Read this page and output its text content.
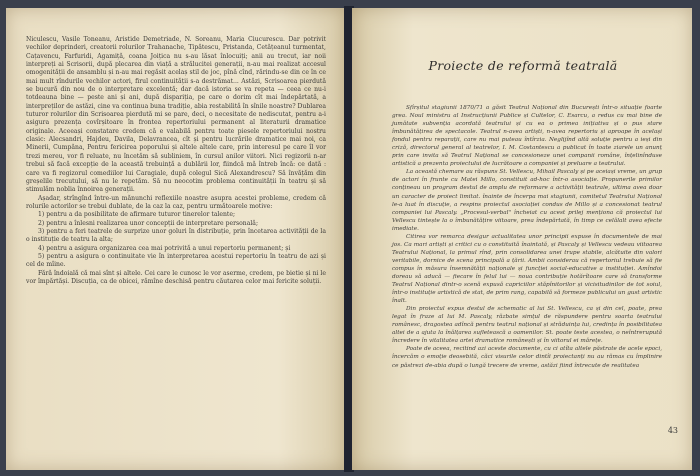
Niculescu, Vasile Toneanu, Aristide Demetriade, N. Soreanu, Maria Ciucurescu. Dar potrivit vechilor deprinderi, creatorii rolurilor Trahanache, Tipătescu, Pristanda, Cetățeanul turmentat, Cațavencu, Farfuridi, Agamiță, coana Joițica nu s-au lăsat înlocuiți; anii au trecut, iar noii interpreți ai Scrisorii, după plecarea din viață a strălucitei generații, n-au mai realizat accesul omogenității de ansamblu și n-au mai regăsit acelaș stil de joc, pînă cînd, rărindu-se din ce în ce mai mult rîndurile vechilor actori, firul continuității s-a destrămat... Astăzi, Scrisoarea pierdută se bucură din nou de o interpretare excelentă; dar dacă istoria se va repeta — ceea ce nu-i totdeauna bine — peste ani și ani, după dispariția, pe care o dorim cît mai îndepărtată, a interpreților de astăzi, cine va continua buna tradiție, abia restabilită în sînile noastre? Dublarea tuturor rolurilor din Scrisoarea pierdută mi se pare, deci, o necesitate de nediscutat, pentru a-i asigura prezența covîrșitoare în frontea repertoriului permanent al literaturii dramatice originale. Aceeași constatare credem că e valabilă pentru toate piesele repertoriului nostru clasic: Alecsandri, Hajdeu, Davila, Delavrancea, cît și pentru lucrările dramatice mai noi, ca Minerii, Cumpăna, Pentru fericirea poporului și altele altele care, prin interesul pe care îl vor trezi mereu, vor fi reluate, nu încetăm să subliniem, în cursul anilor viitori. Nici regizorii n-ar trebui să facă excepție de la această trebuință a dublării lor, fiindcă mă întreb încă: ce dată : care va fi regizorul comediilor lui Caragiale, după colegul Sică Alexandrescu? Să învățăm din greșelile trecutului, să nu le repetăm. Să nu neocotim problema continuității în teatru și să stimulăm noblia înnoirea generații.

Așadar, strîngînd între-un mănunchi reflexiile noastre asupra acestei probleme, credem că rolurile actorilor se trebui dublate, de la caz la caz, pentru următoarele motive:

1) pentru a da posibilitate de afirmare tuturor tinerelor talente;

2) pentru a înlesni realizarea unor concepții de interpretare personală;

3) pentru a feri teatrele de surprize unor goluri în distribuție, prin încetarea activității de la o instituție de teatru la alta;

4) pentru a asigura organizarea cea mai potrivită a unui repertoriu permanent; și

5) pentru a asigura o continuitate vie în interpretarea acestui repertoriu în teatru de azi și cel de mîine.

Fără îndoială că mai sînt și altele. Cei care le cunosc le vor aserme, credem, pe bietie și ni le vor împărtăși. Discuția, ca de obicei, rămîne deschisă pentru căutarea celor mai fericite soluții.

Proiecte de reformă teatrală

Sfîrșitul stagiunii 1870/71 a găsit Teatrul Național din București într-o situație foarte grea. Noul ministru al Instrucțiunii Publice și Cultelor, C. Esarcu, a redus cu mai bine de jumătate subvenția acordată teatrului și cu ea o primea inițiativa și o pus stare îmbunătățirea de spectacole. Teatrul n-avea artiști, n-avea repertoriu și aproape în același fondul pentru reparații, care nu mai puteau întîrzia. Neglijînd altă soluție pentru a ieși din criză, directorul general al teatrelor, I. M. Costantescu a publicat în toate ziarele un anunț prin care invita să Teatrul Național se concesioneze unei companii române, înțelinînduse artistică a prezenta proiectului de lucrătoare a companiei și preluare a teatrului.

La această chemare au răspuns St. Vellescu, Mihail Pascaly și pe aceiași vreme, un grup de actori în frunte cu Matei Millo, constituit ad-hoc într-o asociație. Propunerile primilor conțineau un program destul de amplu de reformare a activității teatrale, ultima avea doar un caracter de proiect limitat. înainte de încerpa mai stagiunii, comitetul Teatrului Național le-a luat în discuție, a respins proiectul asociației condus de Millo și a concesionat teatrul companiei lui Pascaly. „Procesul-verbal" încheiat cu acest prilej menționa că proiectul lui Vellescu tintește la o îmbunătățire viitoare, prea îndepărtată, în timp ce celălalt avea efecte imediate.

Citirea vor remarca desigur actualitatea unor principii expuse în documentele de mai jos. Ca mari artiști și critici cu o constituită înaintată, și Pascaly și Vellescu vedeau viitoarea Teatrului Național, la primul rînd, prin consolidarea unei trupe stabile, alcătuite din valori veritabile, dornice de scena principală a țării. Ambii considerau că repertoriul trebuie să fie compus în măsura însemnătății naționale și funcției social-educative a instituției. Amîndoi doreau să aducă — fiecare în felul lui — noua contribuție hotărîtoare care să transforme Teatrul Național dintr-o scenă expusă capriciilor stăpînitorilor și vicisitudinilor de tot soiul, într-o instituție artistică de stat, de prim rang, capabilă să formeze publicului un gust artistic înalt.

Din proiectul expus destul de schematic al lui St. Vellescu, ca și din cel, poate, prea legat în fraze al lui M. Pascaly, răzbate simțul de răspundere pentru soarta teatrului românesc, dragostea adîncă pentru teatrul național și străduința lui, credința în posibilitatea altei de a ajuta la înălțarea sufletească a oamenilor. St. poate teste acestea, o neîntrerupută încredere în vitalitatea artei dramatice românești și în viitorul ei mărețe.

Poate de aceea, recitind azi aceste documente, cu ci atîta altele păstrate de acele epoci, încercăm o emoție deosebită, căci visurile celor dintîi proiectanți nu au rămas cu împlinire ce păstrezi de-abia după o lungă trecere de vreme, astăzi fiind întrecute de realitatea

43
